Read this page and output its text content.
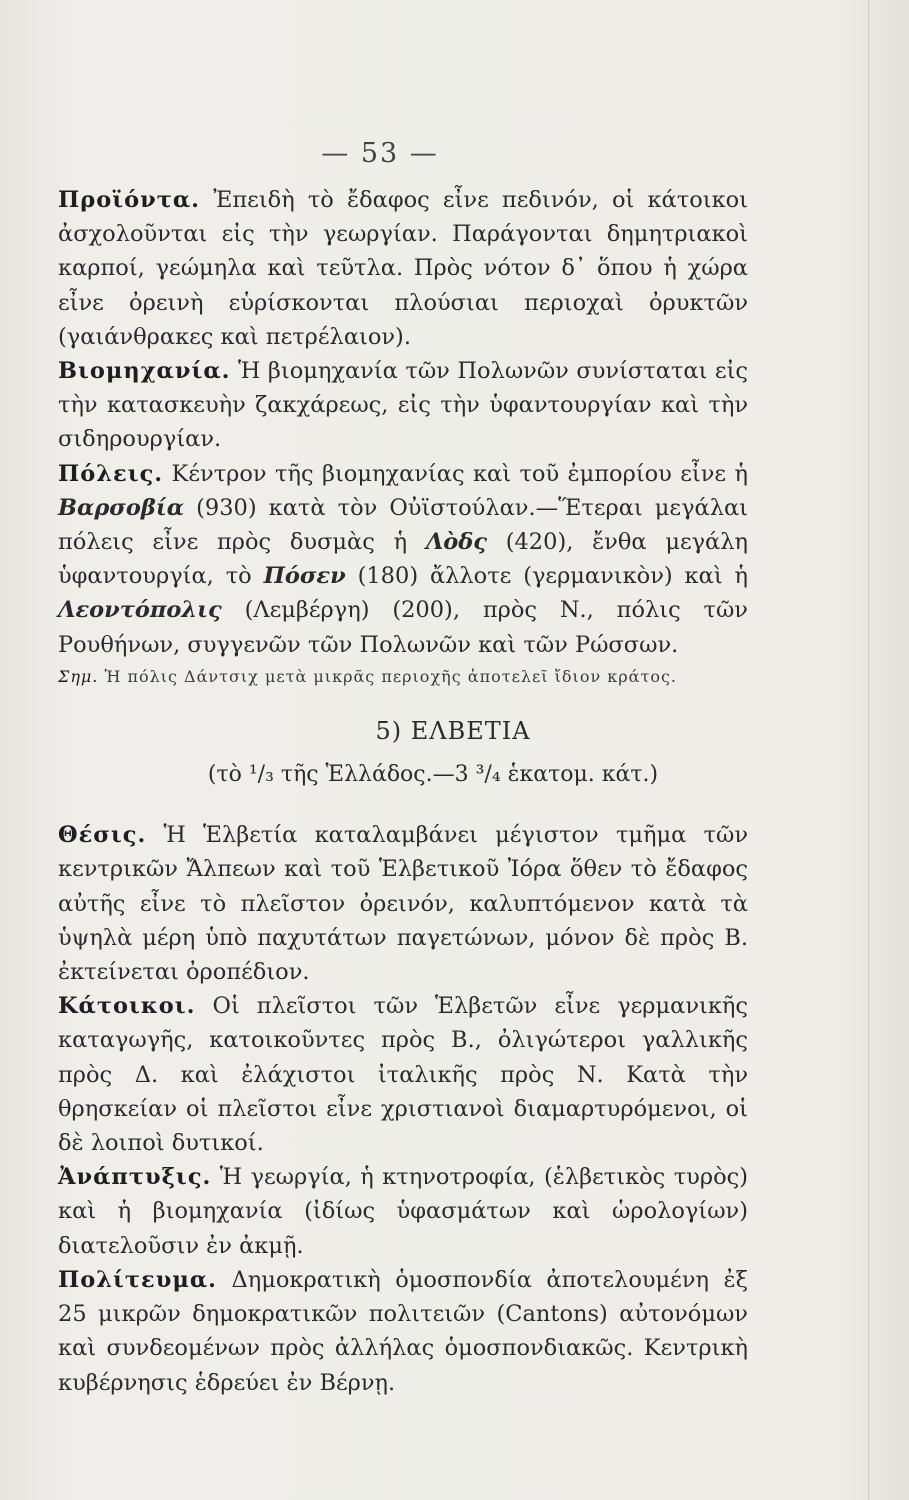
— 53 —

Προϊόντα. Ἐπειδὴ τὸ ἔδαφος εἶνε πεδινόν, οἱ κάτοικοι ἀσχολοῦνται εἰς τὴν γεωργίαν. Παράγονται δημητριακοὶ καρποί, γεώμηλα καὶ τεῦτλα. Πρὸς νότον δ᾽ ὅπου ἡ χώρα εἶνε ὀρεινὴ εὑρίσκονται πλούσιαι περιοχαὶ ὀρυκτῶν (γαιάνθρακες καὶ πετρέλαιον).

Βιομηχανία. Ἡ βιομηχανία τῶν Πολωνῶν συνίσταται εἰς τὴν κατασκευὴν ζακχάρεως, εἰς τὴν ὑφαντουργίαν καὶ τὴν σιδηρουργίαν.

Πόλεις. Κέντρον τῆς βιομηχανίας καὶ τοῦ ἐμπορίου εἶνε ἡ Βαρσοβία (930) κατὰ τὸν Οὐϊστούλαν.—Ἕτεραι μεγάλαι πόλεις εἶνε πρὸς δυσμὰς ἡ Λὸδς (420), ἔνθα μεγάλη ὑφαντουργία, τὸ Πόσεν (180) ἄλλοτε (γερμανικὸν) καὶ ἡ Λεοντόπολις (Λεμβέργη) (200), πρὸς Ν., πόλις τῶν Ρουθήνων, συγγενῶν τῶν Πολωνῶν καὶ τῶν Ρώσσων.

Σημ. Ἡ πόλις Δάντσιχ μετὰ μικρᾶς περιοχῆς ἀποτελεῖ ἴδιον κράτος.

5) ΕΛΒΕΤΙΑ
(τὸ ¹/₃ τῆς Ἑλλάδος.—3 ³/₄ ἑκατομ. κάτ.)

Θέσις. Ἡ Ἑλβετία καταλαμβάνει μέγιστον τμῆμα τῶν κεντρικῶν Ἄλπεων καὶ τοῦ Ἑλβετικοῦ Ἰόρα ὅθεν τὸ ἔδαφος αὐτῆς εἶνε τὸ πλεῖστον ὀρεινόν, καλυπτόμενον κατὰ τὰ ὑψηλὰ μέρη ὑπὸ παχυτάτων παγετώνων, μόνον δὲ πρὸς Β. ἐκτείνεται ὀροπέδιον.

Κάτοικοι. Οἱ πλεῖστοι τῶν Ἑλβετῶν εἶνε γερμανικῆς καταγωγῆς, κατοικοῦντες πρὸς Β., ὀλιγώτεροι γαλλικῆς πρὸς Δ. καὶ ἐλάχιστοι ἰταλικῆς πρὸς Ν. Κατὰ τὴν θρησκείαν οἱ πλεῖστοι εἶνε χριστιανοὶ διαμαρτυρόμενοι, οἱ δὲ λοιποὶ δυτικοί.

Ἀνάπτυξις. Ἡ γεωργία, ἡ κτηνοτροφία, (ἑλβετικὸς τυρὸς) καὶ ἡ βιομηχανία (ἰδίως ὑφασμάτων καὶ ὡρολογίων) διατελοῦσιν ἐν ἀκμῇ.

Πολίτευμα. Δημοκρατικὴ ὁμοσπονδία ἀποτελουμένη ἐξ 25 μικρῶν δημοκρατικῶν πολιτειῶν (Cantons) αὐτονόμων καὶ συνδεομένων πρὸς ἀλλήλας ὁμοσπονδιακῶς. Κεντρικὴ κυβέρνησις ἑδρεύει ἐν Βέρνῃ.
